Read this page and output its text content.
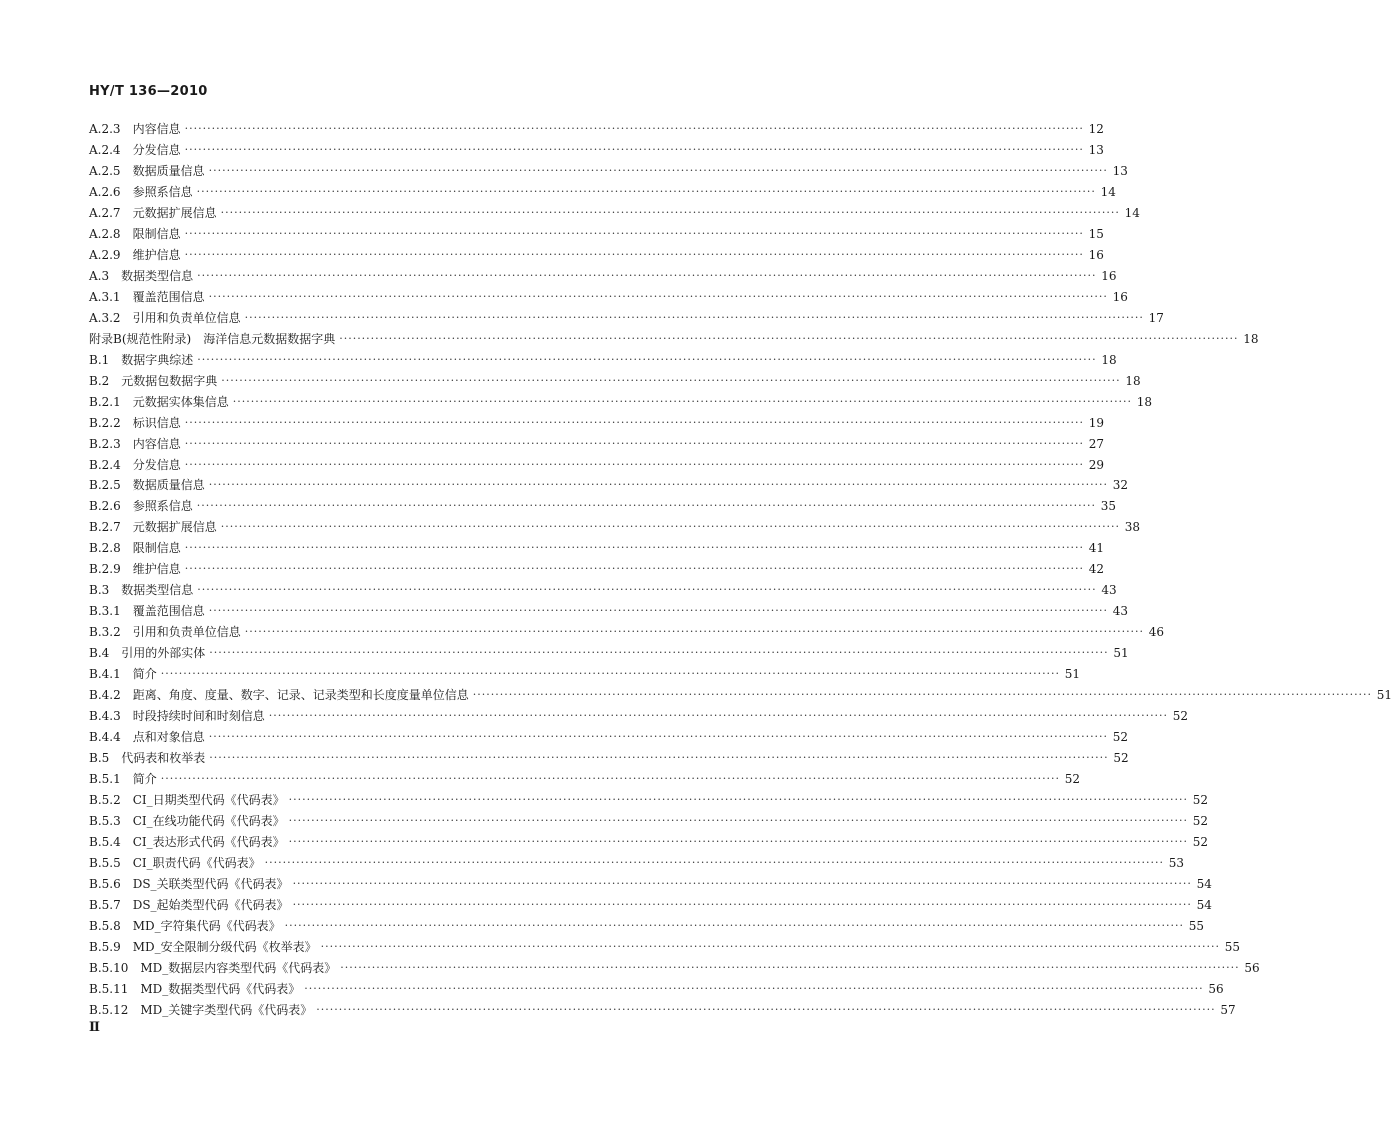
HY/T 136—2010
A.2.3 内容信息 ········································································································································································································ 12
A.2.4 分发信息 ········································································································································································································ 13
A.2.5 数据质量信息 ········································································································································································································ 13
A.2.6 参照系信息 ········································································································································································································ 14
A.2.7 元数据扩展信息 ········································································································································································································ 14
A.2.8 限制信息 ········································································································································································································ 15
A.2.9 维护信息 ········································································································································································································ 16
A.3 数据类型信息 ········································································································································································································ 16
A.3.1 覆盖范围信息 ········································································································································································································ 16
A.3.2 引用和负责单位信息 ········································································································································································································ 17
附录B(规范性附录) 海洋信息元数据数据字典 ········································································································································································································ 18
B.1 数据字典综述 ········································································································································································································ 18
B.2 元数据包数据字典 ········································································································································································································ 18
B.2.1 元数据实体集信息 ········································································································································································································ 18
B.2.2 标识信息 ········································································································································································································ 19
B.2.3 内容信息 ········································································································································································································ 27
B.2.4 分发信息 ········································································································································································································ 29
B.2.5 数据质量信息 ········································································································································································································ 32
B.2.6 参照系信息 ········································································································································································································ 35
B.2.7 元数据扩展信息 ········································································································································································································ 38
B.2.8 限制信息 ········································································································································································································ 41
B.2.9 维护信息 ········································································································································································································ 42
B.3 数据类型信息 ········································································································································································································ 43
B.3.1 覆盖范围信息 ········································································································································································································ 43
B.3.2 引用和负责单位信息 ········································································································································································································ 46
B.4 引用的外部实体 ········································································································································································································ 51
B.4.1 简介 ········································································································································································································ 51
B.4.2 距离、角度、度量、数字、记录、记录类型和长度度量单位信息 ········································································································································································································ 51
B.4.3 时段持续时间和时刻信息 ········································································································································································································ 52
B.4.4 点和对象信息 ········································································································································································································ 52
B.5 代码表和枚举表 ········································································································································································································ 52
B.5.1 简介 ········································································································································································································ 52
B.5.2 CI_日期类型代码《代码表》 ········································································································································································································ 52
B.5.3 CI_在线功能代码《代码表》 ········································································································································································································ 52
B.5.4 CI_表达形式代码《代码表》 ········································································································································································································ 52
B.5.5 CI_职责代码《代码表》 ········································································································································································································ 53
B.5.6 DS_关联类型代码《代码表》 ········································································································································································································ 54
B.5.7 DS_起始类型代码《代码表》 ········································································································································································································ 54
B.5.8 MD_字符集代码《代码表》 ········································································································································································································ 55
B.5.9 MD_安全限制分级代码《枚举表》 ········································································································································································································ 55
B.5.10 MD_数据层内容类型代码《代码表》 ········································································································································································································ 56
B.5.11 MD_数据类型代码《代码表》 ········································································································································································································ 56
B.5.12 MD_关键字类型代码《代码表》 ········································································································································································································ 57
Ⅱ
